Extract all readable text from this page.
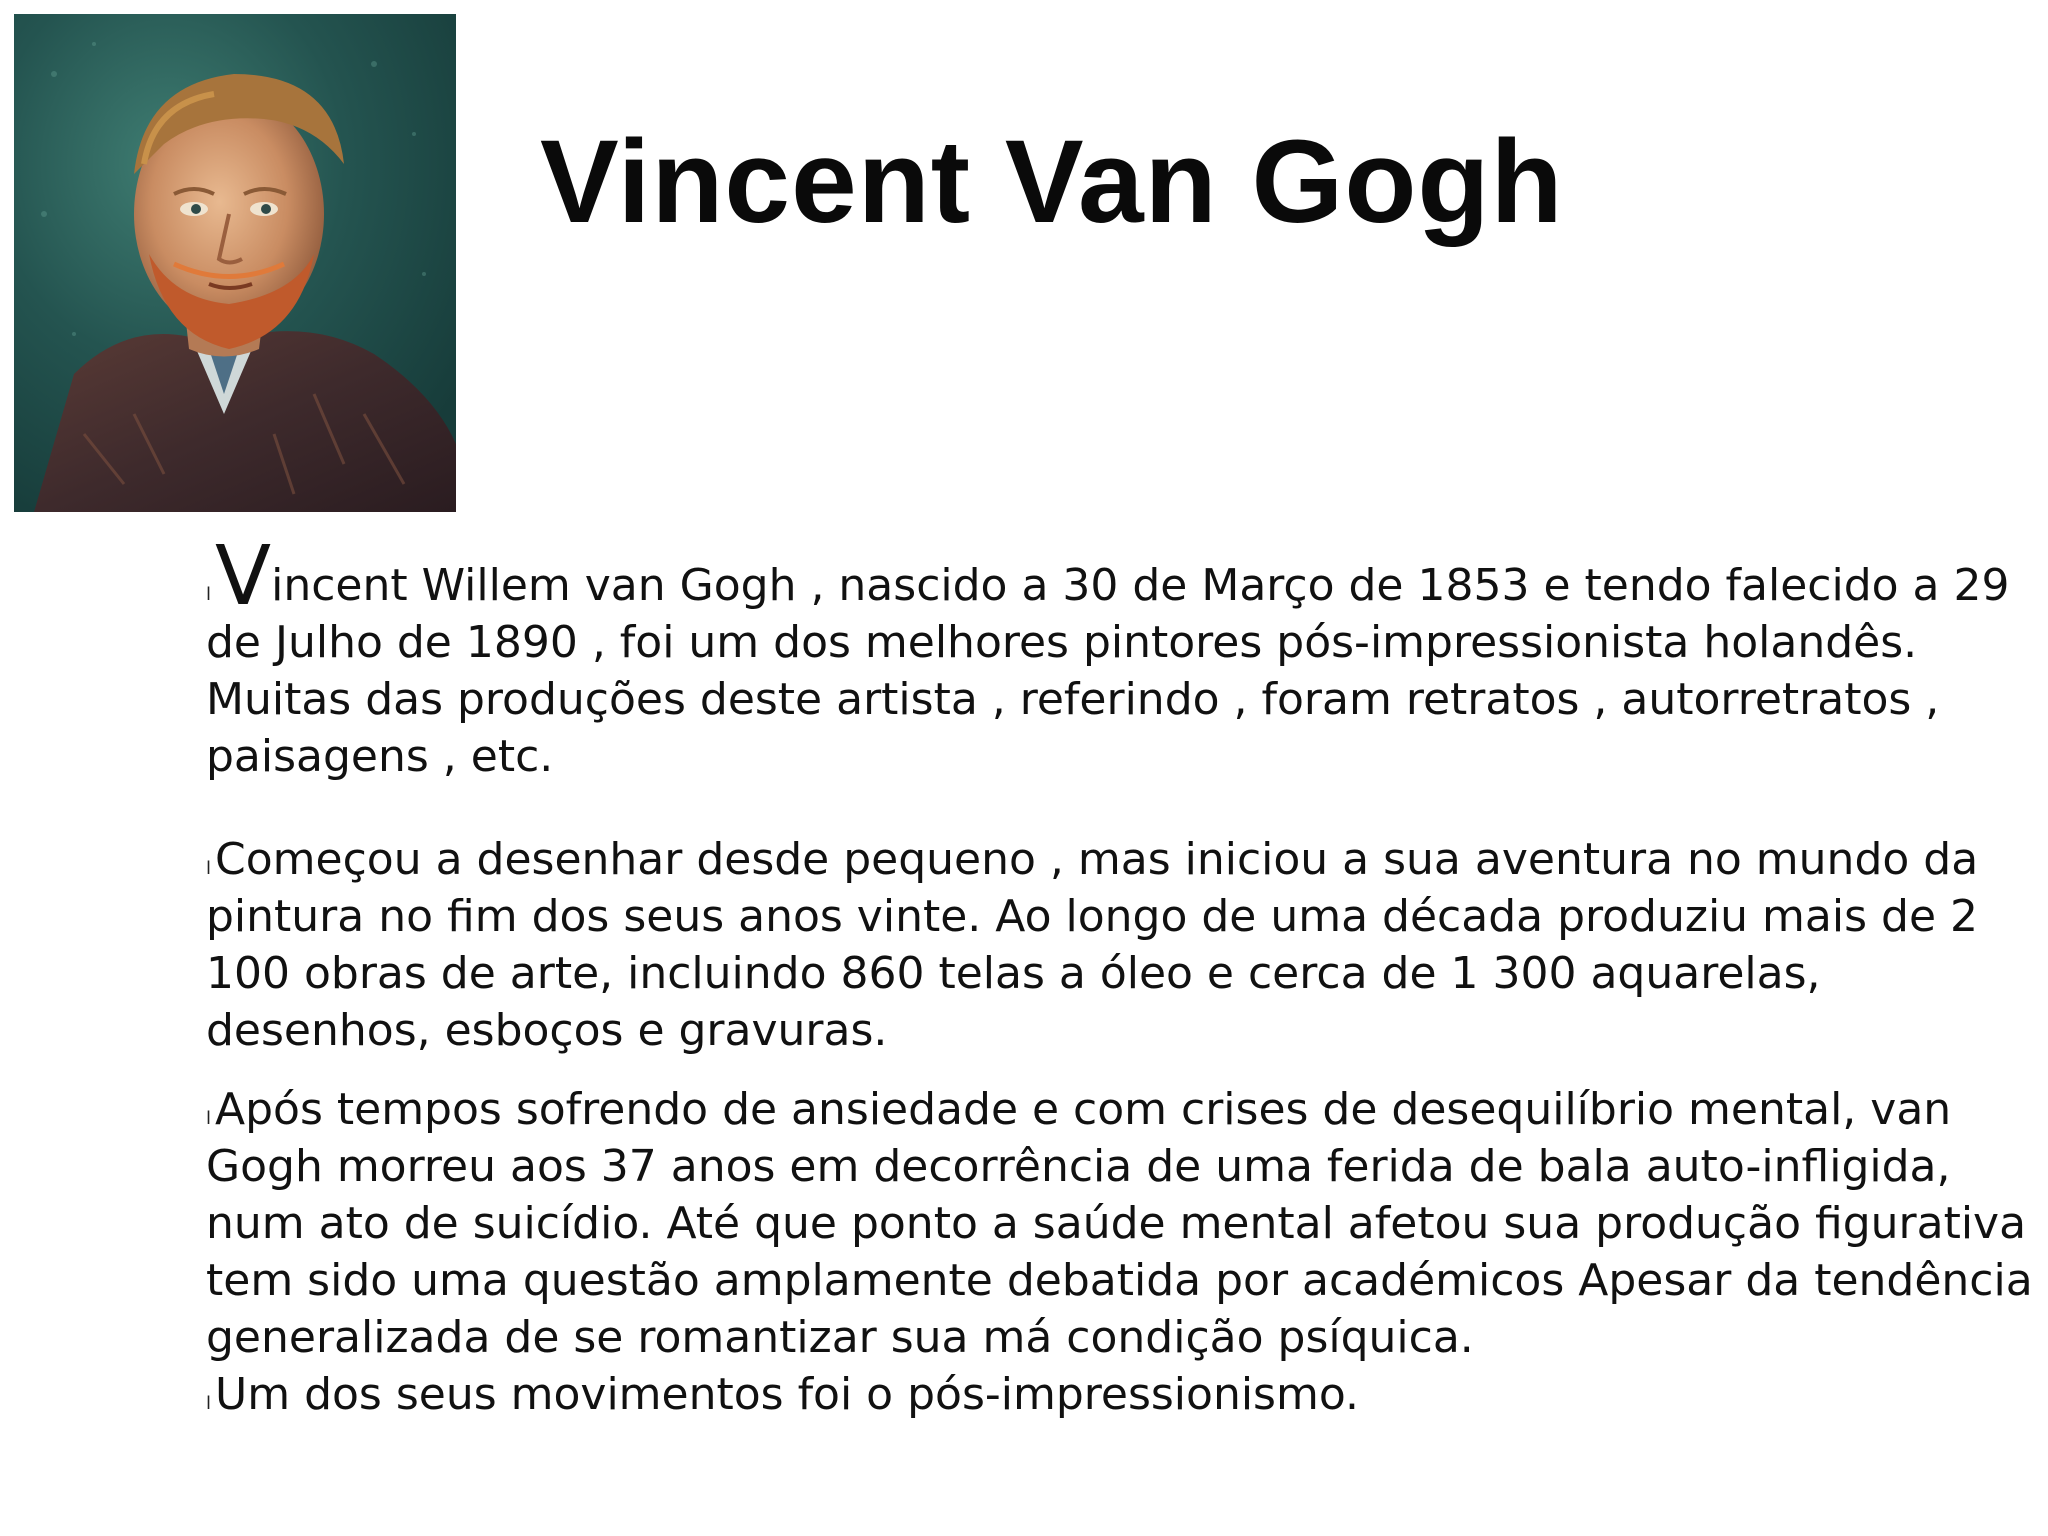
Vincent Van Gogh

lVincent Willem van Gogh , nascido a 30 de Março de 1853 e tendo falecido a 29 de Julho de 1890 , foi um dos melhores pintores pós-impressionista holandês. Muitas das produções deste artista , referindo , foram retratos , autorretratos , paisagens , etc.

lComeçou a desenhar desde pequeno , mas iniciou a sua aventura no mundo da pintura no fim dos seus anos vinte. Ao longo de uma década produziu mais de 2 100 obras de arte, incluindo 860 telas a óleo e cerca de 1 300 aquarelas, desenhos, esboços e gravuras.

lApós tempos sofrendo de ansiedade e com crises de desequilíbrio mental, van Gogh morreu aos 37 anos em decorrência de uma ferida de bala auto-infligida, num ato de suicídio. Até que ponto a saúde mental afetou sua produção figurativa tem sido uma questão amplamente debatida por académicos Apesar da tendência generalizada de se romantizar sua má condição psíquica.

lUm dos seus movimentos foi o pós-impressionismo.
